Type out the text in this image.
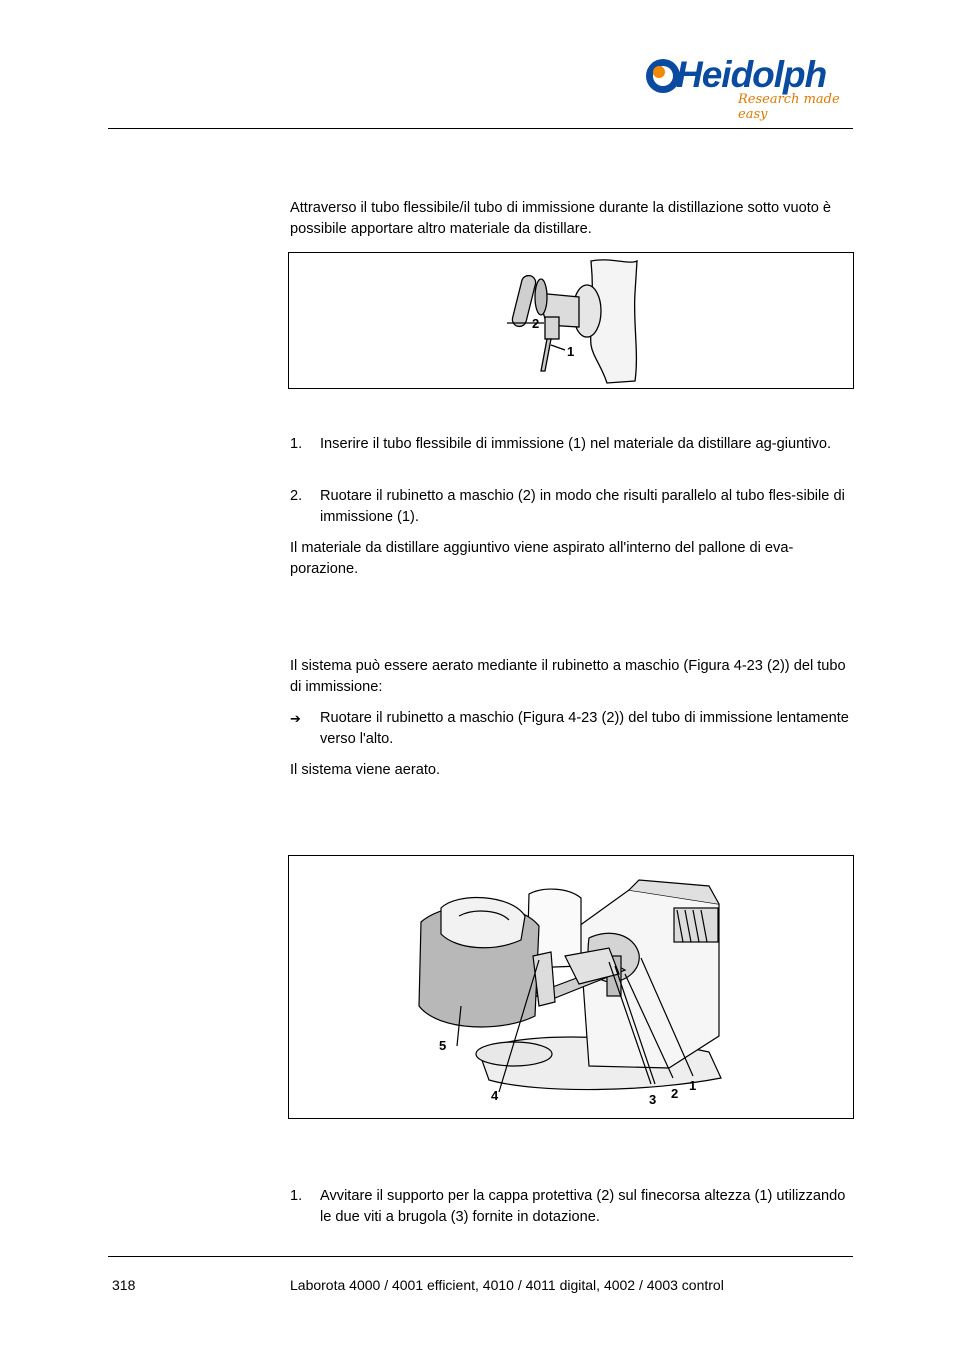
Heidolph
Research made easy
Attraverso il tubo flessibile/il tubo di immissione durante la distillazione sotto vuoto è possibile apportare altro materiale da distillare.
2
1
1.	Inserire il tubo flessibile di immissione (1) nel materiale da distillare ag-giuntivo.
2.	Ruotare il rubinetto a maschio (2) in modo che risulti parallelo al tubo fles-sibile di immissione (1).
Il materiale da distillare aggiuntivo viene aspirato all'interno del pallone di eva-porazione.
Il sistema può essere aerato mediante il rubinetto a maschio (Figura 4-23 (2)) del tubo di immissione:
➔	Ruotare il rubinetto a maschio (Figura 4-23 (2)) del tubo di immissione lentamente verso l'alto.
Il sistema viene aerato.
5
4	3 2
1
1.	Avvitare il supporto per la cappa protettiva (2) sul finecorsa altezza (1) utilizzando le due viti a brugola (3) fornite in dotazione.
318	Laborota 4000 / 4001 efficient, 4010 / 4011 digital, 4002 / 4003 control
